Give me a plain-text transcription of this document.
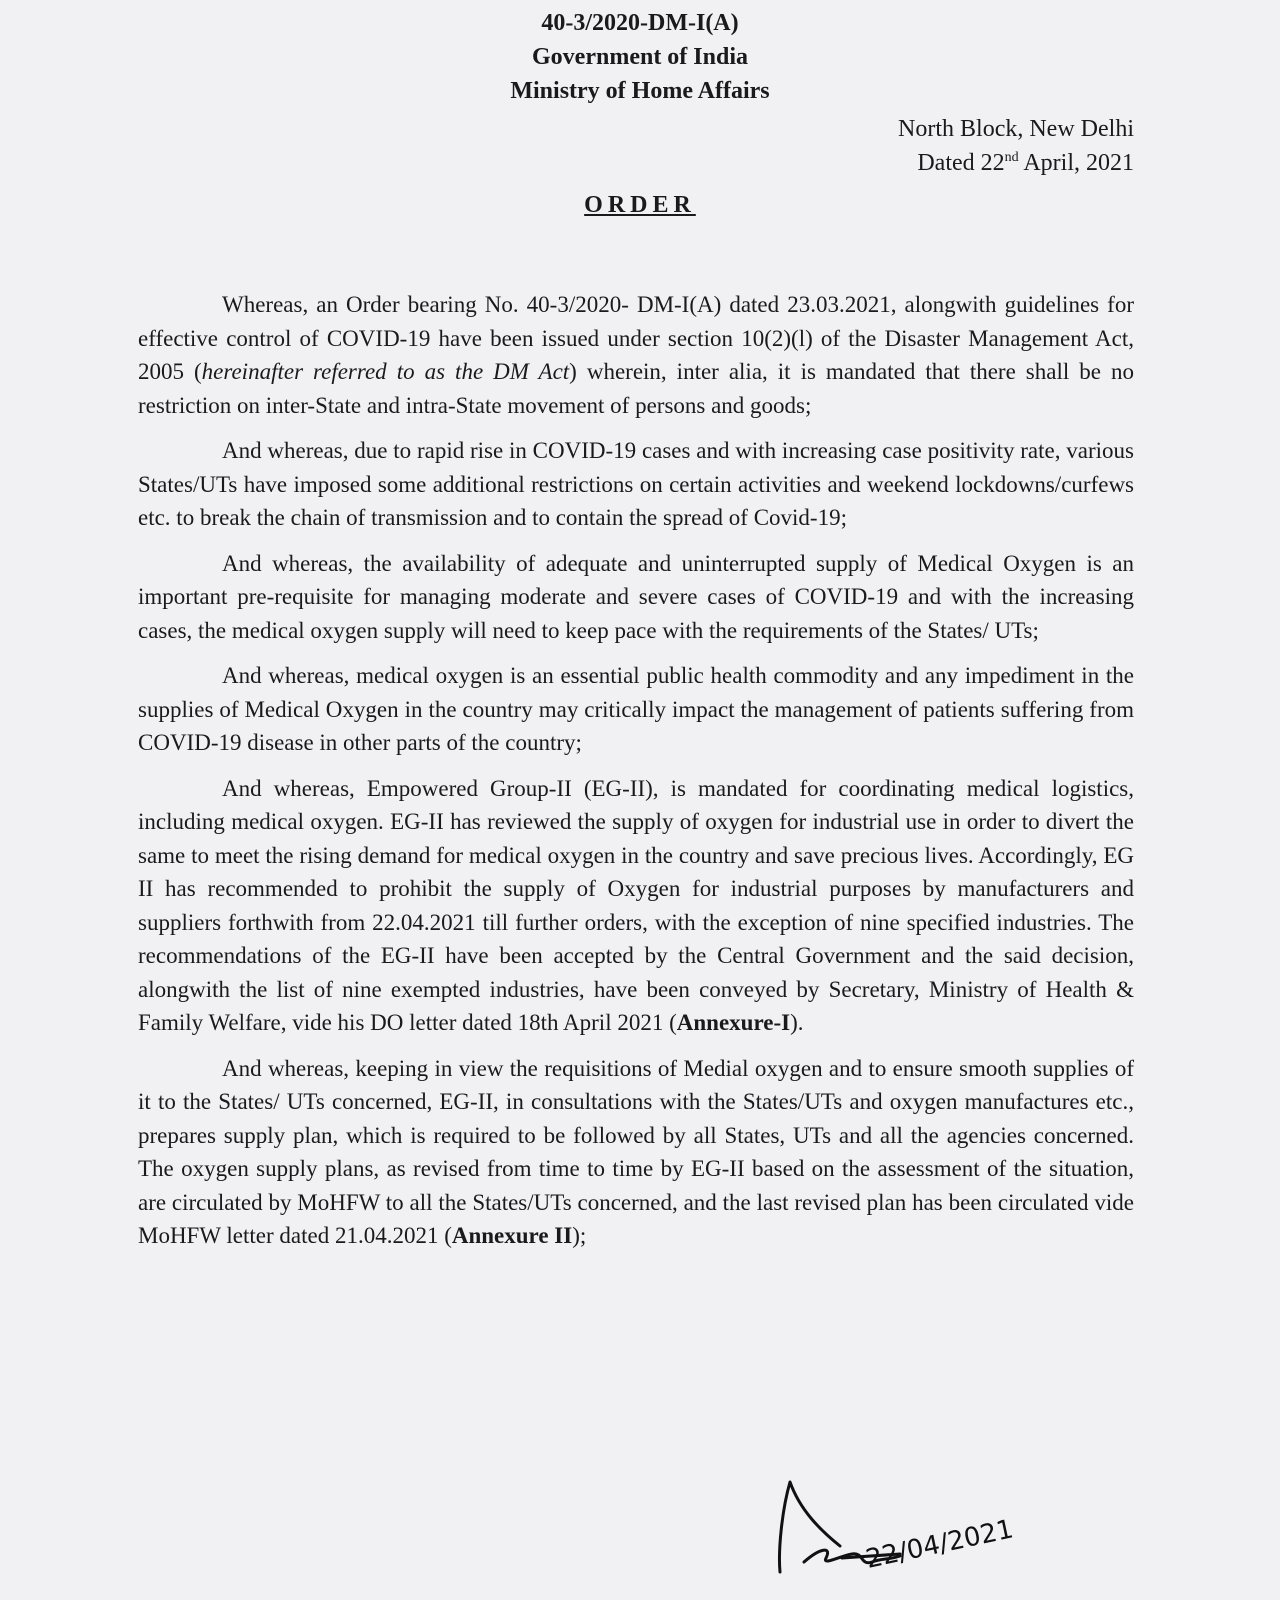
40-3/2020-DM-I(A)
Government of India
Ministry of Home Affairs
North Block, New Delhi
Dated 22nd April, 2021
ORDER

Whereas, an Order bearing No. 40-3/2020- DM-I(A) dated 23.03.2021, alongwith guidelines for effective control of COVID-19 have been issued under section 10(2)(l) of the Disaster Management Act, 2005 (hereinafter referred to as the DM Act) wherein, inter alia, it is mandated that there shall be no restriction on inter-State and intra-State movement of persons and goods;

And whereas, due to rapid rise in COVID-19 cases and with increasing case positivity rate, various States/UTs have imposed some additional restrictions on certain activities and weekend lockdowns/curfews etc. to break the chain of transmission and to contain the spread of Covid-19;

And whereas, the availability of adequate and uninterrupted supply of Medical Oxygen is an important pre-requisite for managing moderate and severe cases of COVID-19 and with the increasing cases, the medical oxygen supply will need to keep pace with the requirements of the States/ UTs;

And whereas, medical oxygen is an essential public health commodity and any impediment in the supplies of Medical Oxygen in the country may critically impact the management of patients suffering from COVID-19 disease in other parts of the country;

And whereas, Empowered Group-II (EG-II), is mandated for coordinating medical logistics, including medical oxygen. EG-II has reviewed the supply of oxygen for industrial use in order to divert the same to meet the rising demand for medical oxygen in the country and save precious lives. Accordingly, EG II has recommended to prohibit the supply of Oxygen for industrial purposes by manufacturers and suppliers forthwith from 22.04.2021 till further orders, with the exception of nine specified industries. The recommendations of the EG-II have been accepted by the Central Government and the said decision, alongwith the list of nine exempted industries, have been conveyed by Secretary, Ministry of Health & Family Welfare, vide his DO letter dated 18th April 2021 (Annexure-I).

And whereas, keeping in view the requisitions of Medial oxygen and to ensure smooth supplies of it to the States/ UTs concerned, EG-II, in consultations with the States/UTs and oxygen manufactures etc., prepares supply plan, which is required to be followed by all States, UTs and all the agencies concerned. The oxygen supply plans, as revised from time to time by EG-II based on the assessment of the situation, are circulated by MoHFW to all the States/UTs concerned, and the last revised plan has been circulated vide MoHFW letter dated 21.04.2021 (Annexure II);

22/04/2021
